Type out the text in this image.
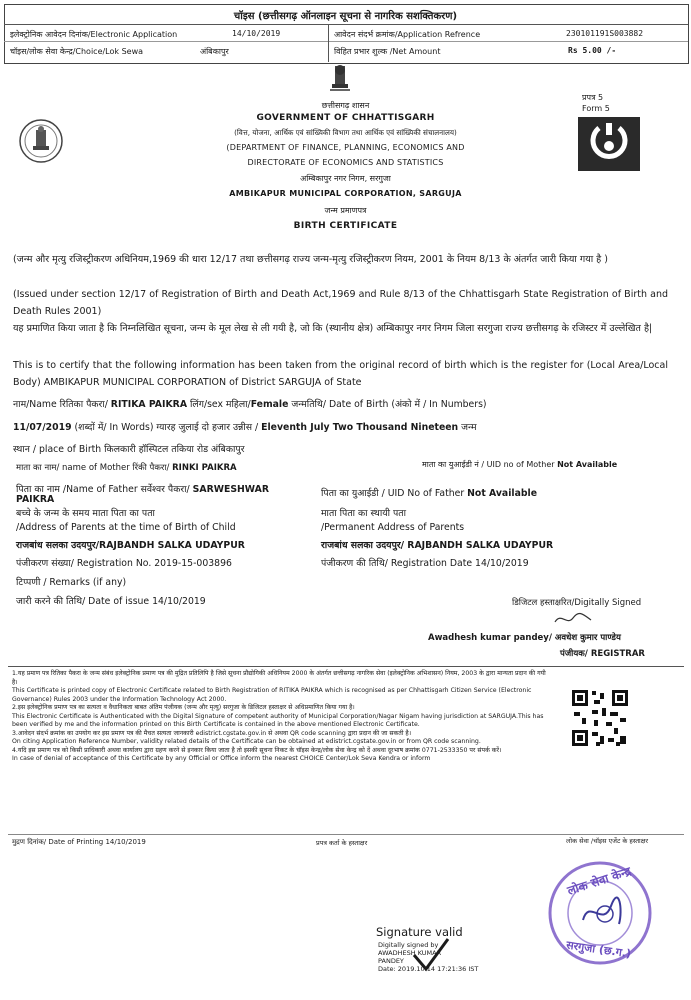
चॉइस (छत्तीसगढ़ ऑनलाइन सूचना से नागरिक सशक्तिकरण)
इलेक्ट्रोनिक आवेदन दिनांक/Electronic Application	14/10/2019	आवेदन संदर्भ क्रमांक/Application Refrence	230101191S003882
चॉइस/लोक सेवा केन्द्र/Choice/Lok Sewa	अंबिकापुर	विहित प्रभार शुल्क /Net Amount	Rs 5.00 /-
प्रपत्र 5
Form 5
छत्तीसगढ़ शासन
GOVERNMENT OF CHHATTISGARH
(वित्त, योजना, आर्थिक एवं सांख्यिकी विभाग तथा आर्थिक एवं सांख्यिकी संचालनालय)
(DEPARTMENT OF FINANCE, PLANNING, ECONOMICS AND
DIRECTORATE OF ECONOMICS AND STATISTICS
अम्बिकापुर नगर निगम, सरगुजा
AMBIKAPUR MUNICIPAL CORPORATION, SARGUJA
जन्म प्रमाणपत्र
BIRTH CERTIFICATE
(जन्म और मृत्यु रजिस्ट्रीकरण अधिनियम,1969 की धारा 12/17 तथा छत्तीसगढ़ राज्य जन्म-मृत्यु रजिस्ट्रीकरण नियम, 2001 के नियम 8/13 के अंतर्गत जारी किया गया है )
(Issued under section 12/17 of Registration of Birth and Death Act,1969 and Rule 8/13 of the Chhattisgarh State Registration of Birth and Death Rules 2001)
यह प्रमाणित किया जाता है कि निम्नलिखित सूचना, जन्म के मूल लेख से ली गयी है, जो कि (स्थानीय क्षेत्र) अम्बिकापुर नगर निगम जिला सरगुजा राज्य छत्तीसगढ़ के रजिस्टर में उल्लेखित है|
This is to certify that the following information has been taken from the original record of birth which is the register for (Local Area/Local Body) AMBIKAPUR MUNICIPAL CORPORATION of District SARGUJA of State
नाम/Name रितिका पैकरा/ RITIKA PAIKRA लिंग/sex महिला/Female जन्मतिथि/ Date of Birth (अंको में / In Numbers)
11/07/2019 (शब्दों में/ In Words) ग्यारह जुलाई दो हजार उन्नीस / Eleventh July Two Thousand Nineteen जन्म
स्थान / place of Birth किलकारी हॉस्पिटल तकिया रोड अंबिकापुर
माता का नाम/ name of Mother रिंकी पैकरा/ RINKI PAIKRA	माता का युआईडी नं / UID no of Mother Not Available
पिता का नाम /Name of Father सर्वेश्वर पैकरा/ SARWESHWAR
PAIKRA
पिता का युआईडी / UID No of Father Not Available
बच्चे के जन्म के समय माता पिता का पता
/Address of Parents at the time of Birth of Child
माता पिता का स्थायी पता
/Permanent Address of Parents
राजबांध सलका उदयपुर/RAJBANDH SALKA UDAYPUR	राजबांध सलका उदयपुर/ RAJBANDH SALKA UDAYPUR
पंजीकरण संख्या/ Registration No. 2019-15-003896	पंजीकरण की तिथि/ Registration Date 14/10/2019
टिप्पणी / Remarks (if any)
जारी करने की तिथि/ Date of issue 14/10/2019	डिजिटल हस्ताक्षरित/Digitally Signed
Awadhesh kumar pandey/ अवधेश कुमार पाण्डेय
पंजीयक/ REGISTRAR
1.यह प्रमाण पत्र रितिका पैकरा के जन्म संबंध इलेक्ट्रोनिक प्रमाण पत्र की मुद्रित प्रतिलिपि है जिसे सूचना प्रौद्योगिकी अधिनियम 2000 के अंतर्गत छत्तीसगढ़ नागरिक सेवा (इलेक्ट्रोनिक अभिशासन) नियम, 2003 के द्वारा मान्यता प्रदान की गयी है।
This Certificate is printed copy of Electronic Certificate related to Birth Registration of RITIKA PAIKRA which is recognised as per Chhattisgarh Citizen Service (Electronic Governance) Rules 2003 under the Information Technology Act 2000.
2.इस इलेक्ट्रोनिक प्रमाण पत्र का सत्यता व वैधानिकता बाबत अंतिम पंजीयक (जन्म और मृत्यु) सरगुजा के डिजिटल हस्ताक्षर से अधिप्रमाणित किया गया है।
This Electronic Certificate is Authenticated with the Digital Signature of competent authority of Municipal Corporation/Nagar Nigam having jurisdiction at SARGUJA.This has been verified by me and the information printed on this Birth Certificate is contained in the above mentioned Electronic Certificate.
3.आवेदन संदर्भ क्रमांक का उपयोग कर इस प्रमाण पत्र की मैचत सत्यता जानकारी edistrict.cgstate.gov.in से अथवा QR code scanning द्वारा प्रदान की जा सकती है।
On citing Application Reference Number, validity related details of the Certificate can be obtained at edistrict.cgstate.gov.in or from QR code scanning.
4.यदि इस प्रमाण पत्र को किसी प्राधिकारी अथवा कार्यालय द्वारा ग्रहण करने से इनकार किया जाता है तो इसकी सूचना निकट के चॉइस केन्द्र/लोक सेवा केन्द्र को दें अथवा दूरभाष क्रमांक 0771-2533350 पर संपर्क करें।
In case of denial of acceptance of this Certificate by any Official or Office inform the nearest CHOICE Center/Lok Seva Kendra or inform
मुद्रण दिनांक/ Date of Printing 14/10/2019	प्रपत्र कर्ता के हस्ताक्षर	लोक सेवा /चॉइस एजेंट के हस्ताक्षर
लोक सेवा केन्द्र
सरगुजा (छ.ग.)
Signature valid
Digitally signed by
AWADHESH KUMAR
PANDEY
Date: 2019.10.14 17:21:36 IST
